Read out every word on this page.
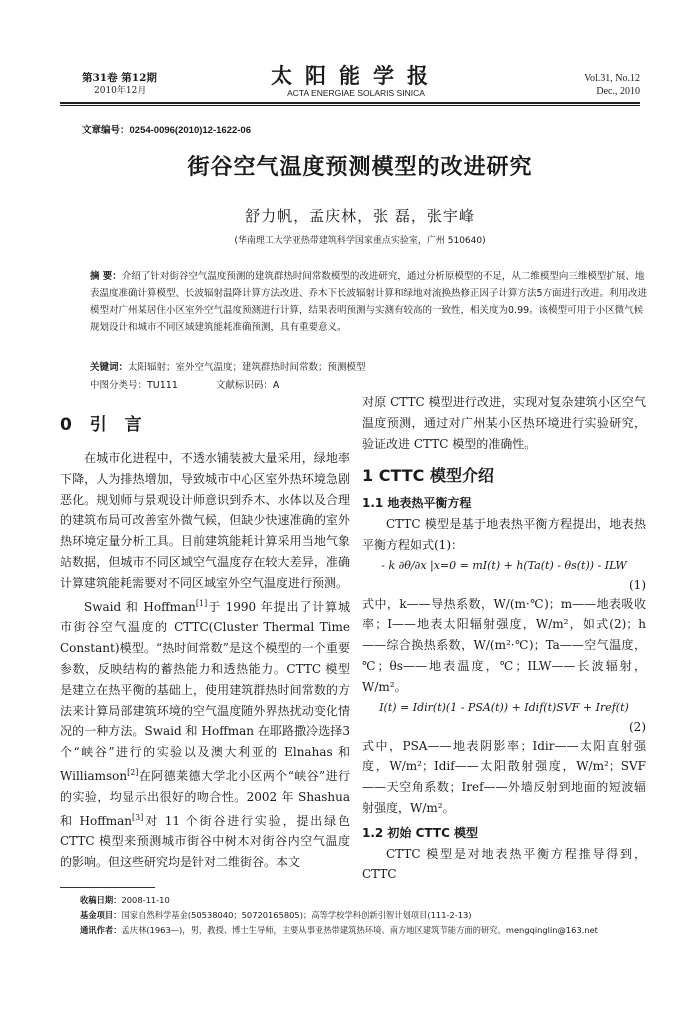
第31卷 第12期
2010年12月
太阳能学报
ACTA ENERGIAE SOLARIS SINICA
Vol.31, No.12
Dec., 2010
文章编号：0254-0096(2010)12-1622-06
街谷空气温度预测模型的改进研究
舒力帆，孟庆林，张 磊，张宇峰
(华南理工大学亚热带建筑科学国家重点实验室，广州 510640)
摘 要：介绍了针对街谷空气温度预测的建筑群热时间常数模型的改进研究，通过分析原模型的不足，从二维模型向三维模型扩展、地表温度准确计算模型、长波辐射温降计算方法改进、乔木下长波辐射计算和绿地对流换热修正因子计算方法5方面进行改进。利用改进模型对广州某居住小区室外空气温度预测进行计算，结果表明预测与实测有较高的一致性，相关度为0.99。该模型可用于小区微气候规划设计和城市不同区域建筑能耗准确预测，具有重要意义。
关键词：太阳辐射；室外空气温度；建筑群热时间常数；预测模型
中图分类号：TU111	文献标识码：A
0 引 言

在城市化进程中，不透水铺装被大量采用，绿地率下降，人为排热增加，导致城市中心区室外热环境急剧恶化。规划师与景观设计师意识到乔木、水体以及合理的建筑布局可改善室外微气候，但缺少快速准确的室外热环境定量分析工具。目前建筑能耗计算采用当地气象站数据，但城市不同区域空气温度存在较大差异，准确计算建筑能耗需要对不同区域室外空气温度进行预测。

Swaid 和 Hoffman[1]于 1990 年提出了计算城市街谷空气温度的 CTTC(Cluster Thermal Time Constant)模型。“热时间常数”是这个模型的一个重要参数，反映结构的蓄热能力和透热能力。CTTC 模型是建立在热平衡的基础上，使用建筑群热时间常数的方法来计算局部建筑环境的空气温度随外界热扰动变化情况的一种方法。Swaid 和 Hoffman 在耶路撒冷选择3个“峡谷”进行的实验以及澳大利亚的 Elnahas 和 Williamson[2]在阿德莱德大学北小区两个“峡谷”进行的实验，均显示出很好的吻合性。2002 年 Shashua 和 Hoffman[3]对 11 个街谷进行实验，提出绿色 CTTC 模型来预测城市街谷中树木对街谷内空气温度的影响。但这些研究均是针对二维街谷。本文

对原 CTTC 模型进行改进，实现对复杂建筑小区空气温度预测，通过对广州某小区热环境进行实验研究，验证改进 CTTC 模型的准确性。

1 CTTC 模型介绍
1.1 地表热平衡方程

CTTC 模型是基于地表热平衡方程提出，地表热平衡方程如式(1)：

- k ∂θ/∂x |x=0 = mI(t) + h(Ta(t) - θs(t)) - ILW
(1)

式中，k——导热系数，W/(m·℃)；m——地表吸收率；I——地表太阳辐射强度，W/m²，如式(2)；h——综合换热系数，W/(m²·℃)；Ta——空气温度，℃；θs——地表温度，℃；ILW——长波辐射，W/m²。

I(t) = Idir(t)(1 - PSA(t)) + Idif(t)SVF + Iref(t)
(2)

式中，PSA——地表阴影率；Idir——太阳直射强度，W/m²；Idif——太阳散射强度，W/m²；SVF——天空角系数；Iref——外墙反射到地面的短波辐射强度，W/m²。

1.2 初始 CTTC 模型

CTTC 模型是对地表热平衡方程推导得到，CTTC

收稿日期：2008-11-10
基金项目：国家自然科学基金(50538040；50720165805)；高等学校学科创新引智计划项目(111-2-13)
通讯作者：孟庆林(1963—)，男，教授、博士生导师，主要从事亚热带建筑热环境、南方地区建筑节能方面的研究。mengqinglin@163.net
